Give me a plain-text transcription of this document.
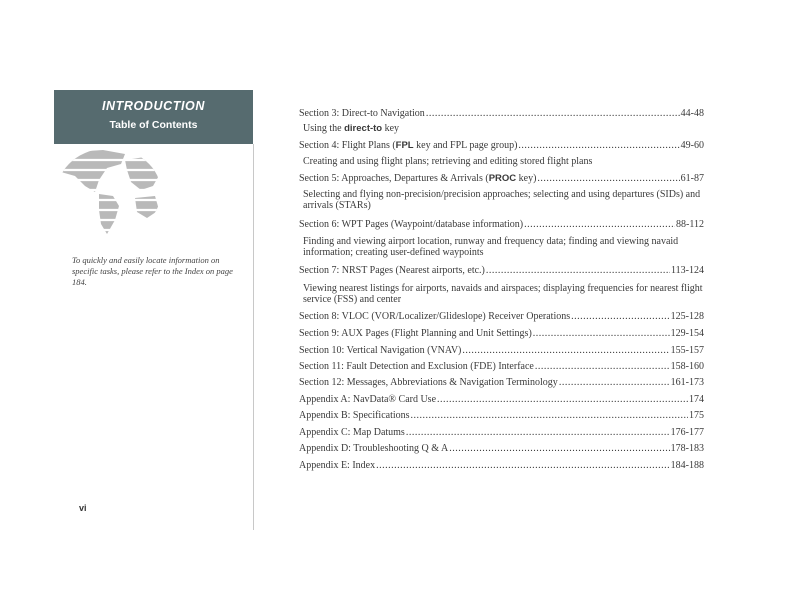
INTRODUCTION
Table of Contents
To quickly and easily locate information on specific tasks, please refer to the Index on page 184.
vi
Section 3: Direct-to Navigation .....	44-48
Using the direct-to key
Section 4: Flight Plans (FPL key and FPL page group) .....	49-60
Creating and using flight plans; retrieving and editing stored flight plans
Section 5: Approaches, Departures & Arrivals (PROC key) .....	61-87
Selecting and flying non-precision/precision approaches; selecting and using departures (SIDs) and arrivals (STARs)
Section 6: WPT Pages (Waypoint/database information) .....	88-112
Finding and viewing airport location, runway and frequency data; finding and viewing navaid information; creating user-defined waypoints
Section 7: NRST Pages (Nearest airports, etc.) .....	113-124
Viewing nearest listings for airports, navaids and airspaces; displaying frequencies for nearest flight service (FSS) and center
Section 8: VLOC (VOR/Localizer/Glideslope) Receiver Operations .....	125-128
Section 9: AUX Pages (Flight Planning and Unit Settings) .....	129-154
Section 10: Vertical Navigation (VNAV) .....	155-157
Section 11: Fault Detection and Exclusion (FDE) Interface .....	158-160
Section 12: Messages, Abbreviations & Navigation Terminology .....	161-173
Appendix A: NavData® Card Use .....	174
Appendix B: Specifications .....	175
Appendix C: Map Datums .....	176-177
Appendix D: Troubleshooting Q & A .....	178-183
Appendix E: Index .....	184-188
